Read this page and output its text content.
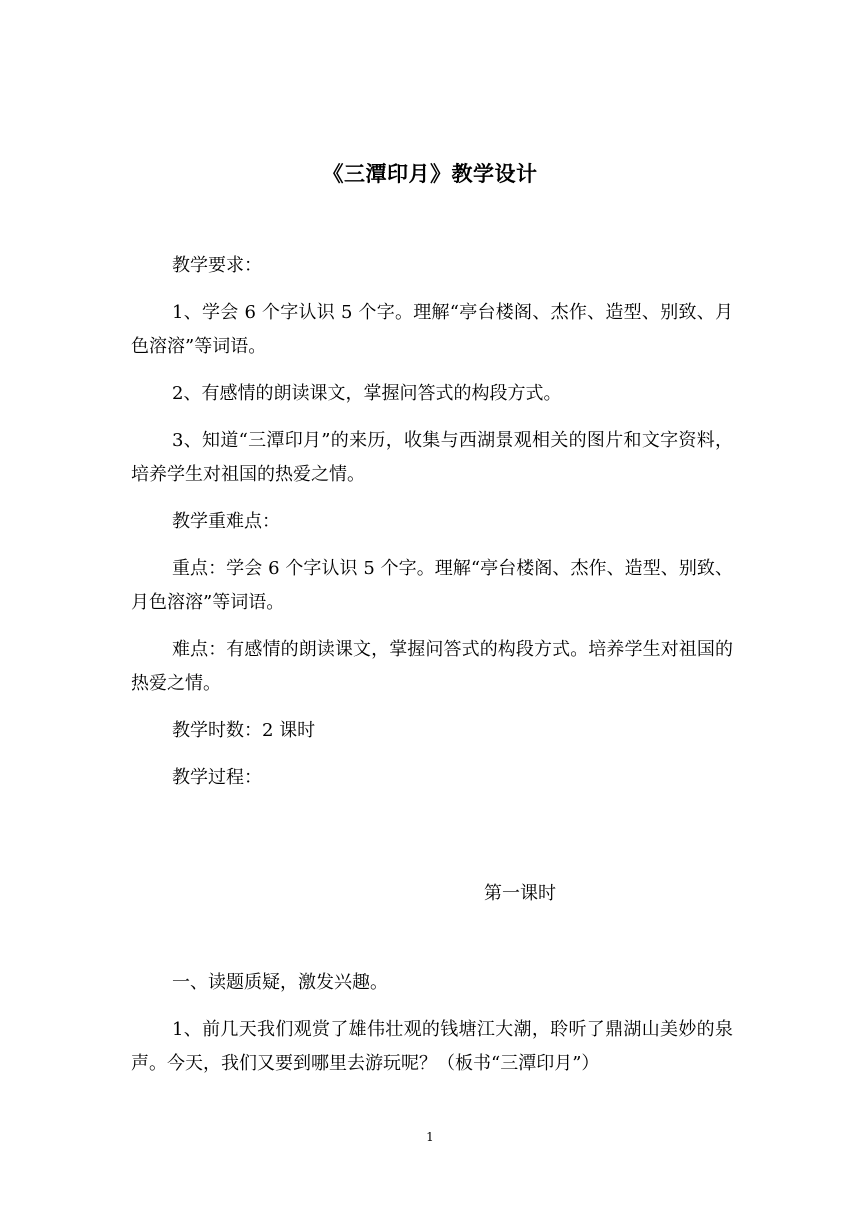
《三潭印月》教学设计

教学要求：

1、学会 6 个字认识 5 个字。理解“亭台楼阁、杰作、造型、别致、月色溶溶”等词语。

2、有感情的朗读课文，掌握问答式的构段方式。

3、知道“三潭印月”的来历，收集与西湖景观相关的图片和文字资料，培养学生对祖国的热爱之情。

教学重难点：

重点：学会 6 个字认识 5 个字。理解“亭台楼阁、杰作、造型、别致、月色溶溶”等词语。

难点：有感情的朗读课文，掌握问答式的构段方式。培养学生对祖国的热爱之情。

教学时数：2 课时

教学过程：

第一课时

一、读题质疑，激发兴趣。

1、前几天我们观赏了雄伟壮观的钱塘江大潮，聆听了鼎湖山美妙的泉声。今天，我们又要到哪里去游玩呢？（板书“三潭印月”）

1
